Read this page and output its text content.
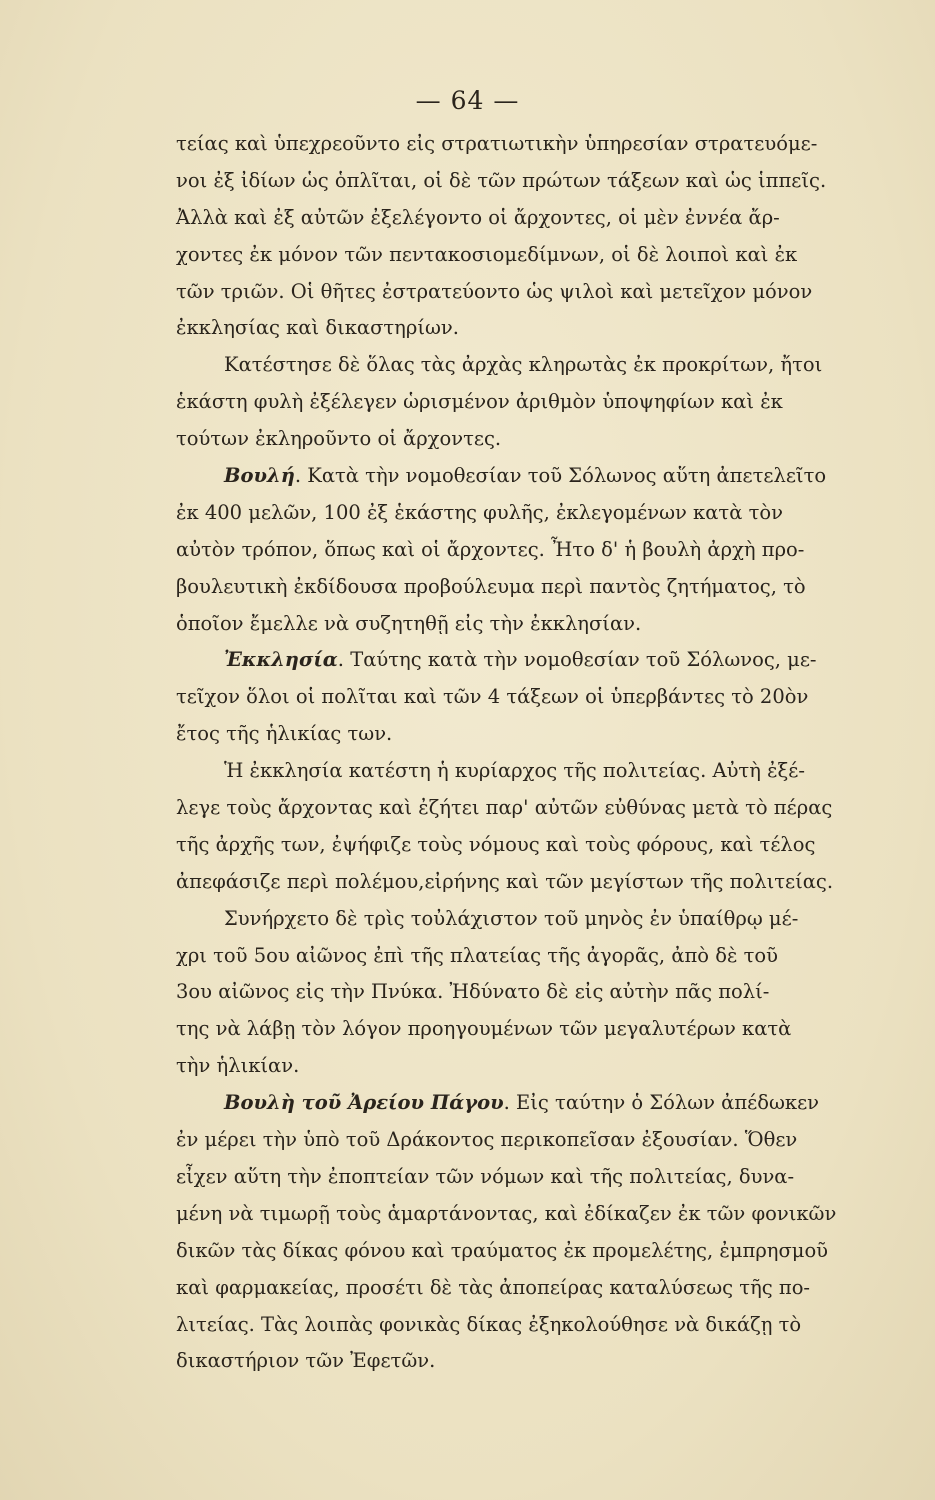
— 64 —
τείας καὶ ὑπεχρεοῦντο εἰς στρατιωτικὴν ὑπηρεσίαν στρατευόμε-
νοι ἐξ ἰδίων ὡς ὁπλῖται, οἱ δὲ τῶν πρώτων τάξεων καὶ ὡς ἱππεῖς.
Ἀλλὰ καὶ ἐξ αὐτῶν ἐξελέγοντο οἱ ἄρχοντες, οἱ μὲν ἐννέα ἄρ-
χοντες ἐκ μόνον τῶν πεντακοσιομεδίμνων, οἱ δὲ λοιποὶ καὶ ἐκ
τῶν τριῶν. Οἱ θῆτες ἐστρατεύοντο ὡς ψιλοὶ καὶ μετεῖχον μόνον
ἐκκλησίας καὶ δικαστηρίων.
Κατέστησε δὲ ὅλας τὰς ἀρχὰς κληρωτὰς ἐκ προκρίτων, ἤτοι
ἑκάστη φυλὴ ἐξέλεγεν ὡρισμένον ἀριθμὸν ὑποψηφίων καὶ ἐκ
τούτων ἐκληροῦντο οἱ ἄρχοντες.
Βουλή. Κατὰ τὴν νομοθεσίαν τοῦ Σόλωνος αὕτη ἀπετελεῖτο
ἐκ 400 μελῶν, 100 ἐξ ἑκάστης φυλῆς, ἐκλεγομένων κατὰ τὸν
αὐτὸν τρόπον, ὅπως καὶ οἱ ἄρχοντες. Ἦτο δ' ἡ βουλὴ ἀρχὴ προ-
βουλευτικὴ ἐκδίδουσα προβούλευμα περὶ παντὸς ζητήματος, τὸ
ὁποῖον ἔμελλε νὰ συζητηθῇ εἰς τὴν ἐκκλησίαν.
Ἐκκλησία. Ταύτης κατὰ τὴν νομοθεσίαν τοῦ Σόλωνος, με-
τεῖχον ὅλοι οἱ πολῖται καὶ τῶν 4 τάξεων οἱ ὑπερβάντες τὸ 20ὸν
ἔτος τῆς ἡλικίας των.
Ἡ ἐκκλησία κατέστη ἡ κυρίαρχος τῆς πολιτείας. Αὐτὴ ἐξέ-
λεγε τοὺς ἄρχοντας καὶ ἐζήτει παρ' αὐτῶν εὐθύνας μετὰ τὸ πέρας
τῆς ἀρχῆς των, ἐψήφιζε τοὺς νόμους καὶ τοὺς φόρους, καὶ τέλος
ἀπεφάσιζε περὶ πολέμου,εἰρήνης καὶ τῶν μεγίστων τῆς πολιτείας.
Συνήρχετο δὲ τρὶς τοὐλάχιστον τοῦ μηνὸς ἐν ὑπαίθρῳ μέ-
χρι τοῦ 5ου αἰῶνος ἐπὶ τῆς πλατείας τῆς ἀγορᾶς, ἀπὸ δὲ τοῦ
3ου αἰῶνος εἰς τὴν Πνύκα. Ἠδύνατο δὲ εἰς αὐτὴν πᾶς πολί-
της νὰ λάβῃ τὸν λόγον προηγουμένων τῶν μεγαλυτέρων κατὰ
τὴν ἡλικίαν.
Βουλὴ τοῦ Ἀρείου Πάγου. Εἰς ταύτην ὁ Σόλων ἀπέδωκεν
ἐν μέρει τὴν ὑπὸ τοῦ Δράκοντος περικοπεῖσαν ἐξουσίαν. Ὅθεν
εἶχεν αὕτη τὴν ἐποπτείαν τῶν νόμων καὶ τῆς πολιτείας, δυνα-
μένη νὰ τιμωρῇ τοὺς ἁμαρτάνοντας, καὶ ἐδίκαζεν ἐκ τῶν φονικῶν
δικῶν τὰς δίκας φόνου καὶ τραύματος ἐκ προμελέτης, ἐμπρησμοῦ
καὶ φαρμακείας, προσέτι δὲ τὰς ἀποπείρας καταλύσεως τῆς πο-
λιτείας. Τὰς λοιπὰς φονικὰς δίκας ἐξηκολούθησε νὰ δικάζῃ τὸ
δικαστήριον τῶν Ἐφετῶν.
